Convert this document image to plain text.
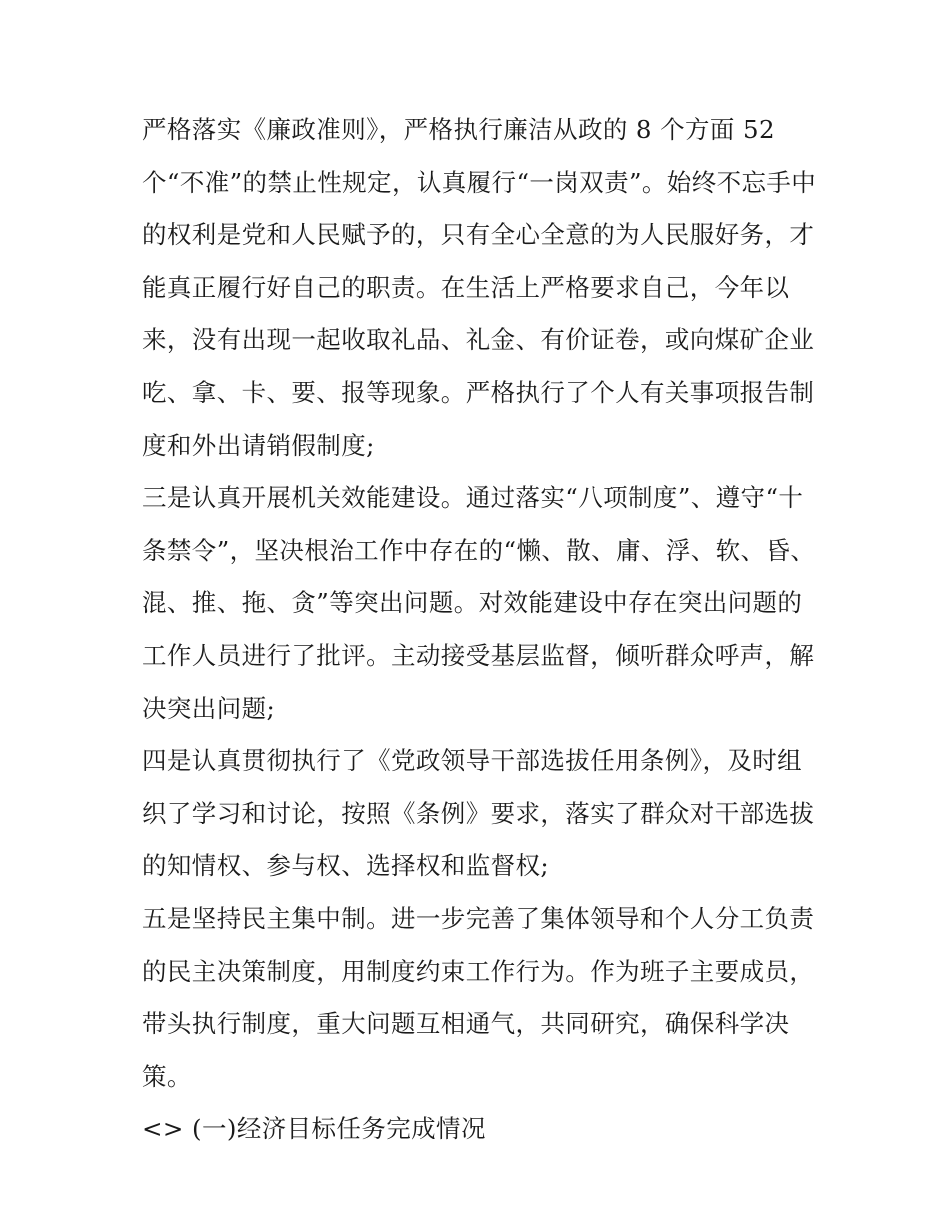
严格落实《廉政准则》，严格执行廉洁从政的 8 个方面 52
个“不准”的禁止性规定，认真履行“一岗双责”。始终不忘手中
的权利是党和人民赋予的，只有全心全意的为人民服好务，才
能真正履行好自己的职责。在生活上严格要求自己，今年以
来，没有出现一起收取礼品、礼金、有价证卷，或向煤矿企业
吃、拿、卡、要、报等现象。严格执行了个人有关事项报告制
度和外出请销假制度;
三是认真开展机关效能建设。通过落实“八项制度”、遵守“十
条禁令”，坚决根治工作中存在的“懒、散、庸、浮、软、昏、
混、推、拖、贪”等突出问题。对效能建设中存在突出问题的
工作人员进行了批评。主动接受基层监督，倾听群众呼声，解
决突出问题;
四是认真贯彻执行了《党政领导干部选拔任用条例》，及时组
织了学习和讨论，按照《条例》要求，落实了群众对干部选拔
的知情权、参与权、选择权和监督权;
五是坚持民主集中制。进一步完善了集体领导和个人分工负责
的民主决策制度，用制度约束工作行为。作为班子主要成员，
带头执行制度，重大问题互相通气，共同研究，确保科学决
策。
<> (一)经济目标任务完成情况
